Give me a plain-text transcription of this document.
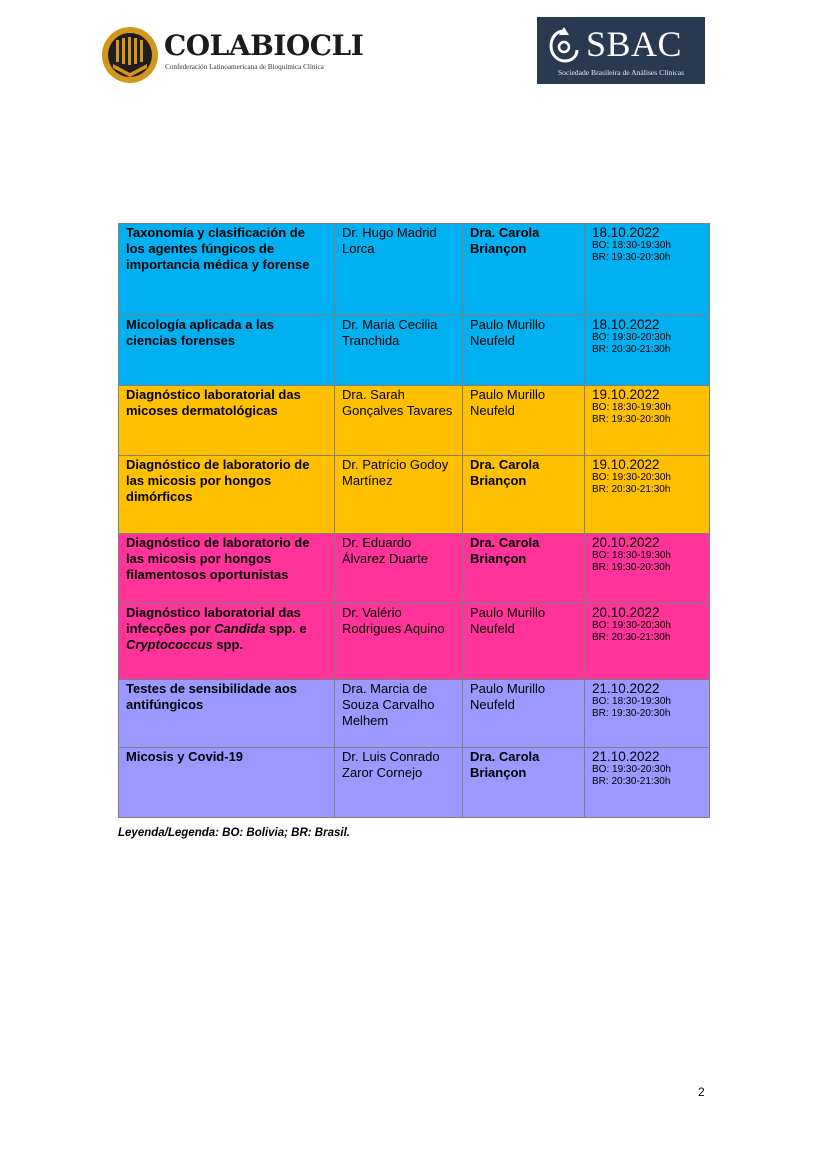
COLABIOCLI
Confederación Latinoamericana de Bioquímica Clínica
SBAC
Sociedade Brasileira de Análises Clínicas
Taxonomía y clasificación de los agentes fúngicos de importancia médica y forense	Dr. Hugo Madrid Lorca	Dra. Carola Briançon	18.10.2022
BO: 18:30-19:30h
BR: 19:30-20:30h

Micología aplicada a las ciencias forenses	Dr. Maria Cecilia Tranchida	Paulo Murillo Neufeld	18.10.2022
BO: 19:30-20:30h
BR: 20:30-21:30h

Diagnóstico laboratorial das micoses dermatológicas	Dra. Sarah Gonçalves Tavares	Paulo Murillo Neufeld	19.10.2022
BO: 18:30-19:30h
BR: 19:30-20:30h

Diagnóstico de laboratorio de las micosis por hongos dimórficos	Dr. Patrício Godoy Martínez	Dra. Carola Briançon	19.10.2022
BO: 19:30-20:30h
BR: 20:30-21:30h

Diagnóstico de laboratorio de las micosis por hongos filamentosos oportunistas	Dr. Eduardo Álvarez Duarte	Dra. Carola Briançon	20.10.2022
BO: 18:30-19:30h
BR: 19:30-20:30h

Diagnóstico laboratorial das infecções por Candida spp. e Cryptococcus spp.	Dr. Valério Rodrigues Aquino	Paulo Murillo Neufeld	20.10.2022
BO: 19:30-20:30h
BR: 20:30-21:30h

Testes de sensibilidade aos antifúngicos	Dra. Marcia de Souza Carvalho Melhem	Paulo Murillo Neufeld	21.10.2022
BO: 18:30-19:30h
BR: 19:30-20:30h

Micosis y Covid-19	Dr. Luis Conrado Zaror Cornejo	Dra. Carola Briançon	21.10.2022
BO: 19:30-20:30h
BR: 20:30-21:30h
Leyenda/Legenda: BO: Bolivia; BR: Brasil.
2
